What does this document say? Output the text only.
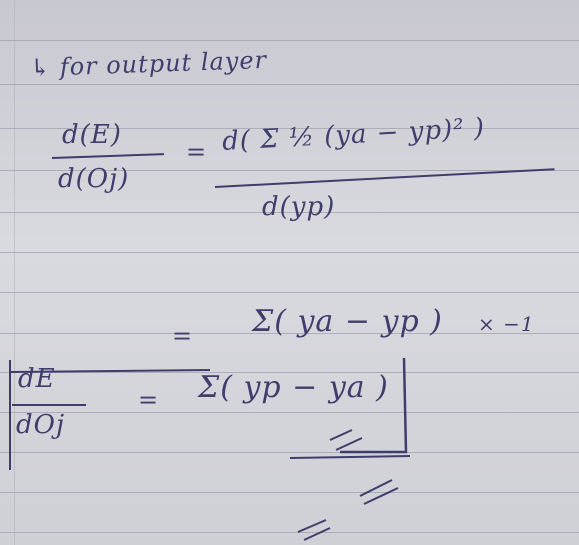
↳ for output layer
d(E)
d(Oj)
= d( Σ ½ (ya − yp)² )
d(yp)
= Σ( ya − yp ) × −1
dE
dOj
= Σ( yp − ya )
